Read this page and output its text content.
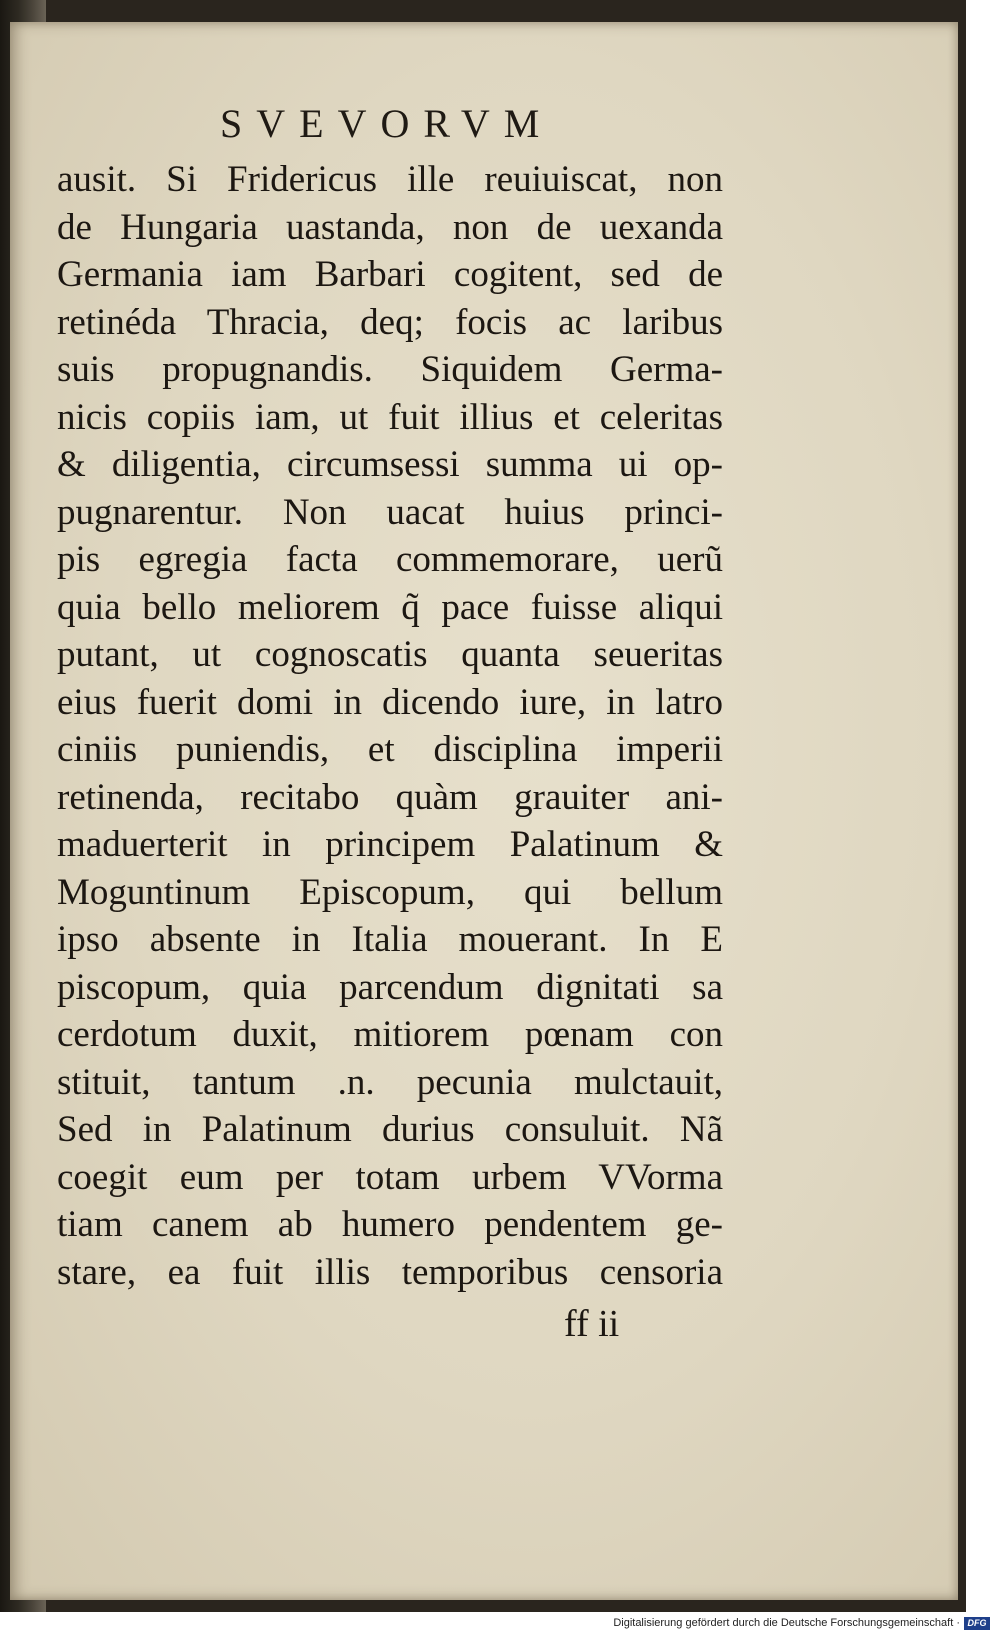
SVEVORVM
ausit. Si Fridericus ille reuiuiscat, non
de Hungaria uastanda, non de uexanda
Germania iam Barbari cogitent, sed de
retinéda Thracia, deq; focis ac laribus
suis propugnandis. Siquidem Germa-
nicis copiis iam, ut fuit illius et celeritas
& diligentia, circumsessi summa ui op-
pugnarentur. Non uacat huius princi-
pis egregia facta commemorare, uerũ
quia bello meliorem q̃ pace fuisse aliqui
putant, ut cognoscatis quanta seueritas
eius fuerit domi in dicendo iure, in latro
ciniis puniendis, et disciplina imperii
retinenda, recitabo quàm grauiter ani-
maduerterit in principem Palatinum &
Moguntinum Episcopum, qui bellum
ipso absente in Italia mouerant. In E
piscopum, quia parcendum dignitati sa
cerdotum duxit, mitiorem pœnam con
stituit, tantum .n. pecunia mulctauit,
Sed in Palatinum durius consuluit. Nã
coegit eum per totam urbem VVorma
tiam canem ab humero pendentem ge-
stare, ea fuit illis temporibus censoria
ff ii
Digitalisierung gefördert durch die Deutsche Forschungsgemeinschaft · DFG
